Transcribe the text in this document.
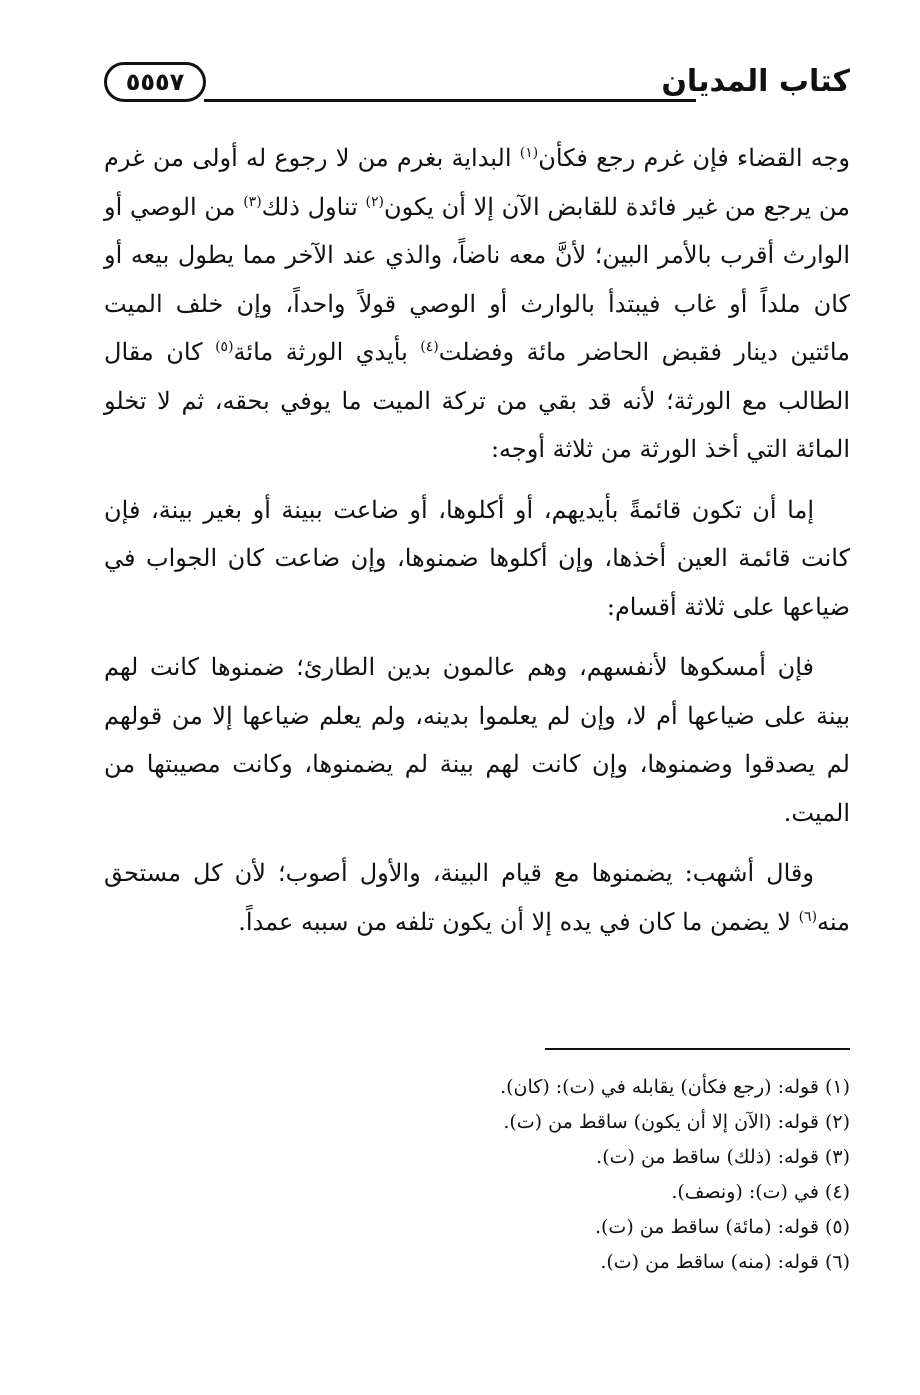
٥٥٥٧	كتاب المديان

وجه القضاء فإن غرم رجع فكأن$^{(١)}$ البداية بغرم من لا رجوع له أولى من غرم من يرجع من غير فائدة للقابض الآن إلا أن يكون$^{(٢)}$ تناول ذلك$^{(٣)}$ من الوصي أو الوارث أقرب بالأمر البين؛ لأنَّ معه ناضاً، والذي عند الآخر مما يطول بيعه أو كان ملداً أو غاب فيبتدأ بالوارث أو الوصي قولاً واحداً، وإن خلف الميت مائتين دينار فقبض الحاضر مائة وفضلت$^{(٤)}$ بأيدي الورثة مائة$^{(٥)}$ كان مقال الطالب مع الورثة؛ لأنه قد بقي من تركة الميت ما يوفي بحقه، ثم لا تخلو المائة التي أخذ الورثة من ثلاثة أوجه:

إما أن تكون قائمةً بأيديهم، أو أكلوها، أو ضاعت ببينة أو بغير بينة، فإن كانت قائمة العين أخذها، وإن أكلوها ضمنوها، وإن ضاعت كان الجواب في ضياعها على ثلاثة أقسام:

فإن أمسكوها لأنفسهم، وهم عالمون بدين الطارئ؛ ضمنوها كانت لهم بينة على ضياعها أم لا، وإن لم يعلموا بدينه، ولم يعلم ضياعها إلا من قولهم لم يصدقوا وضمنوها، وإن كانت لهم بينة لم يضمنوها، وكانت مصيبتها من الميت.

وقال أشهب: يضمنوها مع قيام البينة، والأول أصوب؛ لأن كل مستحق منه$^{(٦)}$ لا يضمن ما كان في يده إلا أن يكون تلفه من سببه عمداً.

(١) قوله: (رجع فكأن) يقابله في (ت): (كان).
(٢) قوله: (الآن إلا أن يكون) ساقط من (ت).
(٣) قوله: (ذلك) ساقط من (ت).
(٤) في (ت): (ونصف).
(٥) قوله: (مائة) ساقط من (ت).
(٦) قوله: (منه) ساقط من (ت).
